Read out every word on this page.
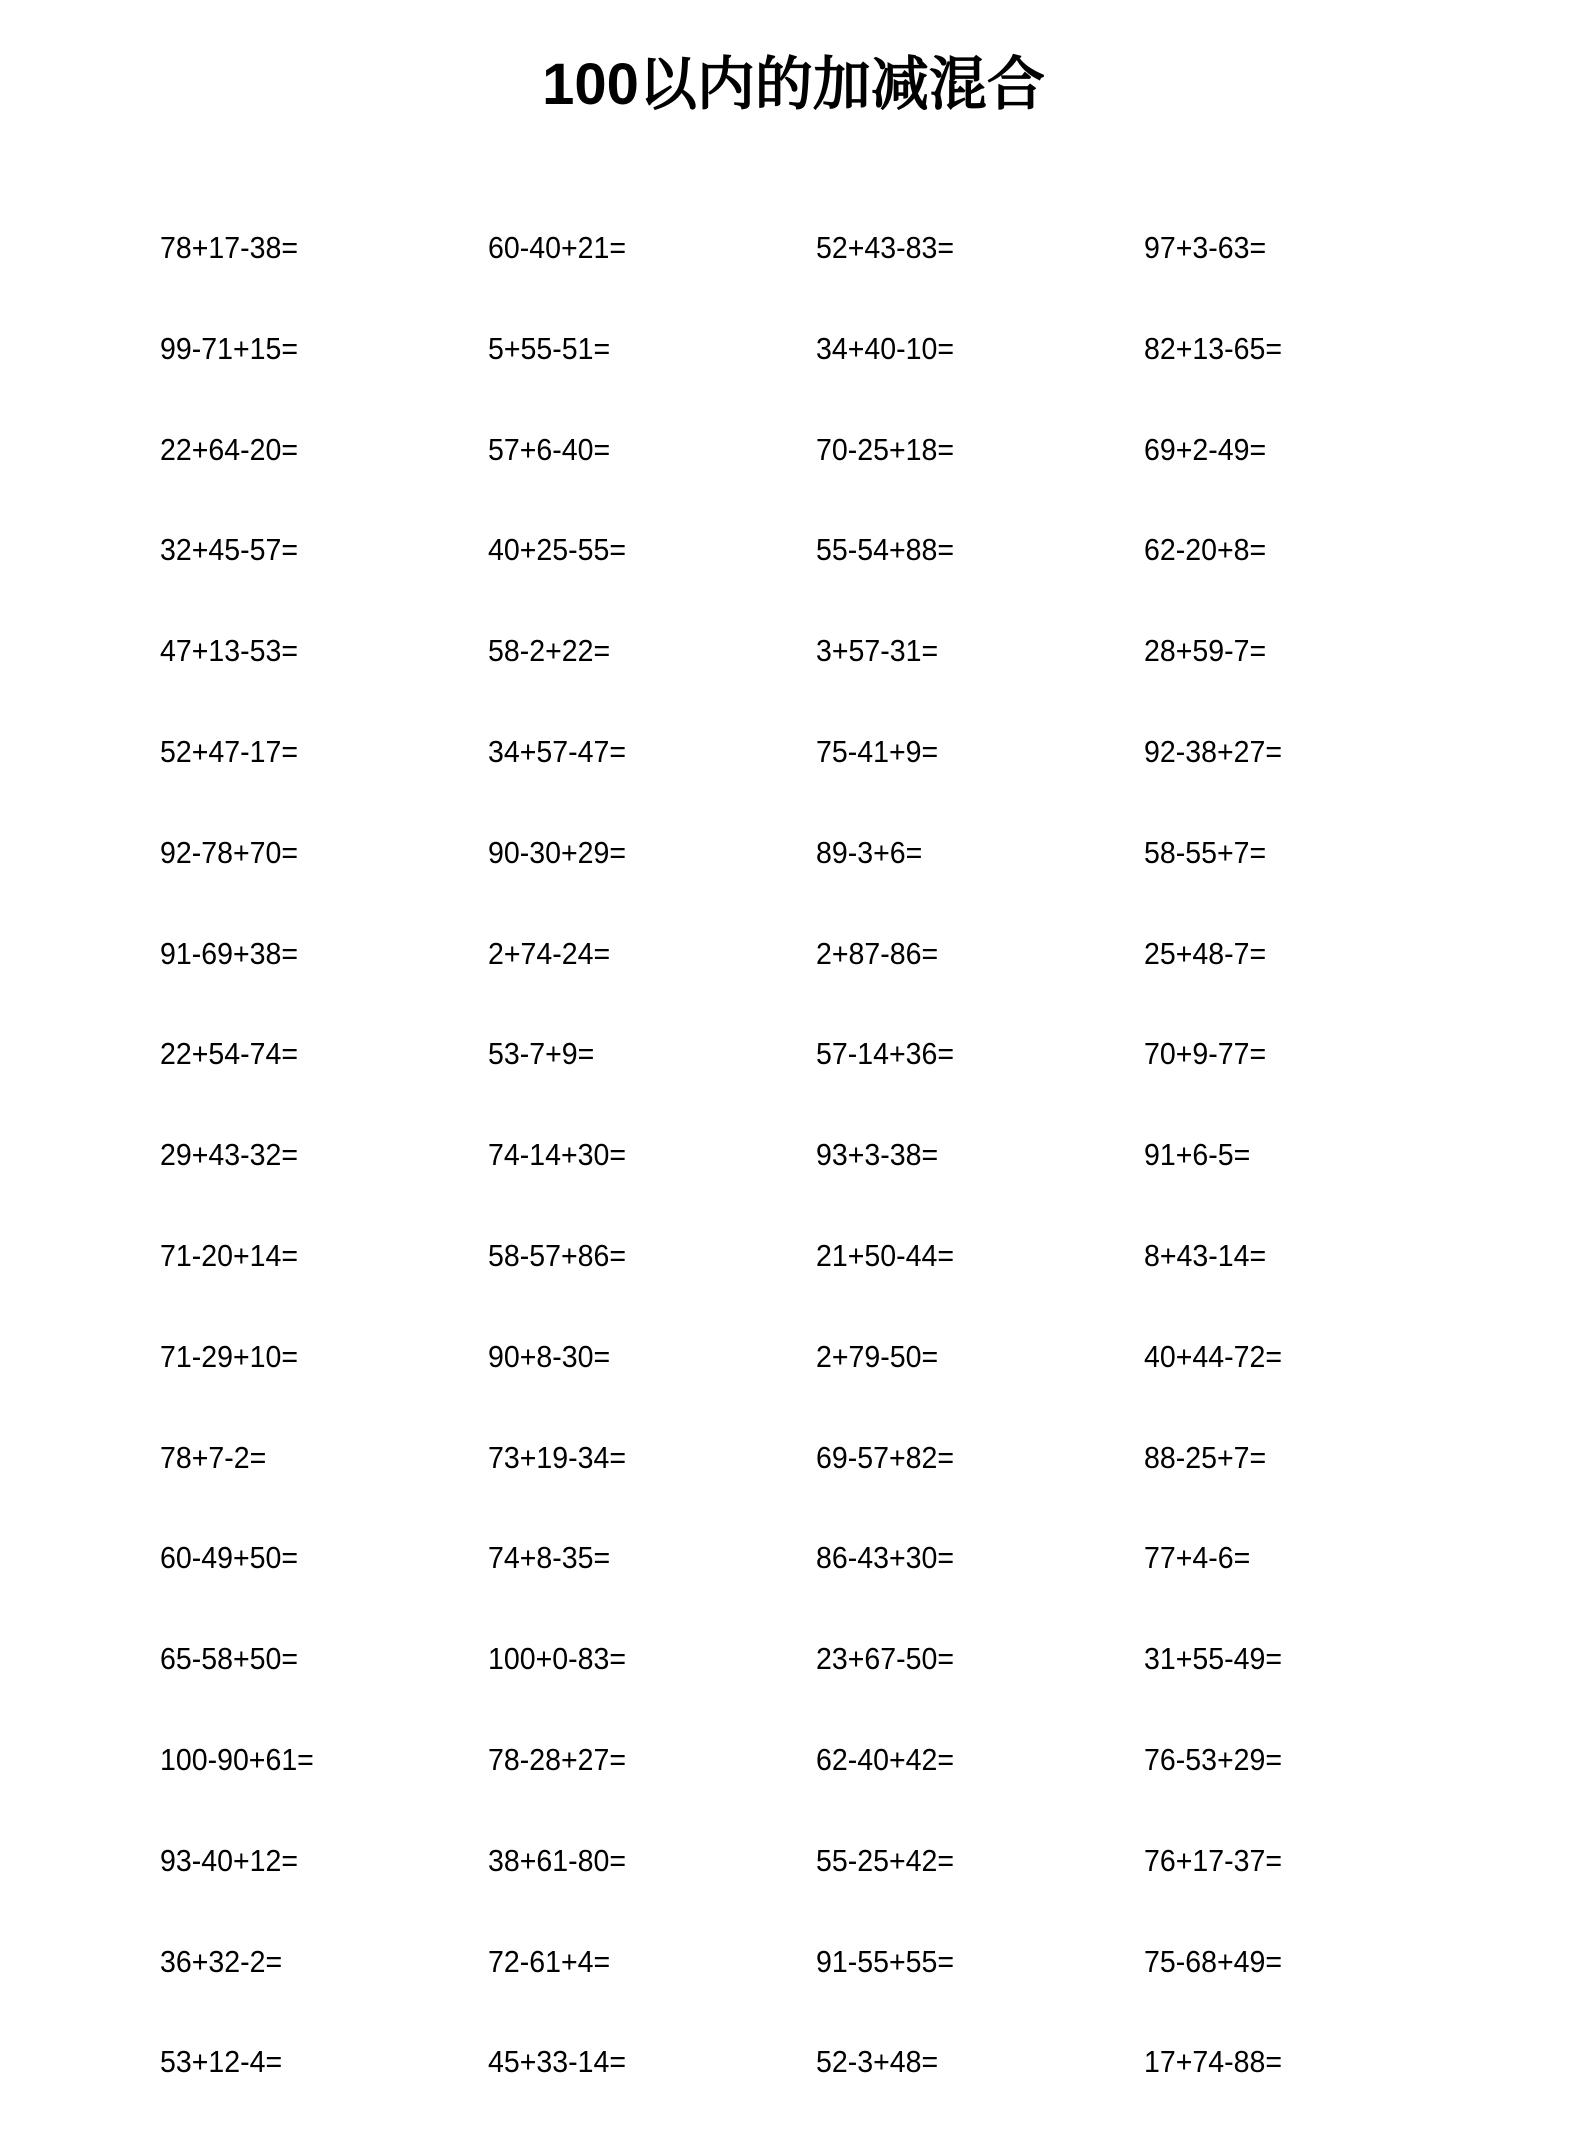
100以内的加减混合
78+17-38=	60-40+21=	52+43-83=	97+3-63=
99-71+15=	5+55-51=	34+40-10=	82+13-65=
22+64-20=	57+6-40=	70-25+18=	69+2-49=
32+45-57=	40+25-55=	55-54+88=	62-20+8=
47+13-53=	58-2+22=	3+57-31=	28+59-7=
52+47-17=	34+57-47=	75-41+9=	92-38+27=
92-78+70=	90-30+29=	89-3+6=	58-55+7=
91-69+38=	2+74-24=	2+87-86=	25+48-7=
22+54-74=	53-7+9=	57-14+36=	70+9-77=
29+43-32=	74-14+30=	93+3-38=	91+6-5=
71-20+14=	58-57+86=	21+50-44=	8+43-14=
71-29+10=	90+8-30=	2+79-50=	40+44-72=
78+7-2=	73+19-34=	69-57+82=	88-25+7=
60-49+50=	74+8-35=	86-43+30=	77+4-6=
65-58+50=	100+0-83=	23+67-50=	31+55-49=
100-90+61=	78-28+27=	62-40+42=	76-53+29=
93-40+12=	38+61-80=	55-25+42=	76+17-37=
36+32-2=	72-61+4=	91-55+55=	75-68+49=
53+12-4=	45+33-14=	52-3+48=	17+74-88=
